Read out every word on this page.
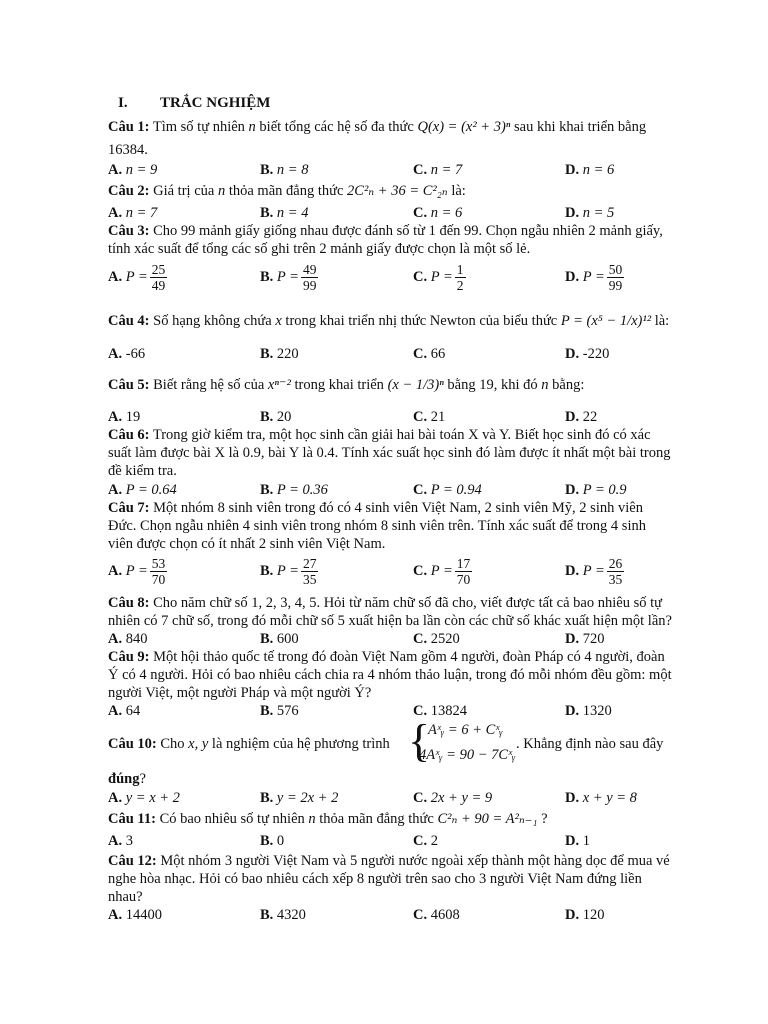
I. TRẮC NGHIỆM
Câu 1: Tìm số tự nhiên n biết tổng các hệ số đa thức Q(x) = (x² + 3)ⁿ sau khi khai triển bằng
16384.
A. n = 9	B. n = 8	C. n = 7	D. n = 6
Câu 2: Giá trị của n thỏa mãn đẳng thức 2C²ₙ + 36 = C²₂ₙ là:
A. n = 7	B. n = 4	C. n = 6	D. n = 5
Câu 3: Cho 99 mảnh giấy giống nhau được đánh số từ 1 đến 99. Chọn ngẫu nhiên 2 mảnh giấy,
tính xác suất để tổng các số ghi trên 2 mảnh giấy được chọn là một số lẻ.
A. $P = \frac{25}{49}$	B. $P = \frac{49}{99}$	C. $P = \frac{1}{2}$	D. $P = \frac{50}{99}$
Câu 4: Số hạng không chứa x trong khai triển nhị thức Newton của biểu thức P = (x⁵ − 1/x)¹² là:
A. -66	B. 220	C. 66	D. -220
Câu 5: Biết rằng hệ số của xⁿ⁻² trong khai triển (x − 1/3)ⁿ bằng 19, khi đó n bằng:
A. 19	B. 20	C. 21	D. 22
Câu 6: Trong giờ kiểm tra, một học sinh cần giải hai bài toán X và Y. Biết học sinh đó có xác
suất làm được bài X là 0.9, bài Y là 0.4. Tính xác suất học sinh đó làm được ít nhất một bài trong
đề kiểm tra.
A. P = 0.64	B. P = 0.36	C. P = 0.94	D. P = 0.9
Câu 7: Một nhóm 8 sinh viên trong đó có 4 sinh viên Việt Nam, 2 sinh viên Mỹ, 2 sinh viên
Đức. Chọn ngẫu nhiên 4 sinh viên trong nhóm 8 sinh viên trên. Tính xác suất để trong 4 sinh
viên được chọn có ít nhất 2 sinh viên Việt Nam.
A. $P = \frac{53}{70}$	B. $P = \frac{27}{35}$	C. $P = \frac{17}{70}$	D. $P = \frac{26}{35}$
Câu 8: Cho năm chữ số 1, 2, 3, 4, 5. Hỏi từ năm chữ số đã cho, viết được tất cả bao nhiêu số tự
nhiên có 7 chữ số, trong đó mỗi chữ số 5 xuất hiện ba lần còn các chữ số khác xuất hiện một lần?
A. 840	B. 600	C. 2520	D. 720
Câu 9: Một hội thảo quốc tế trong đó đoàn Việt Nam gồm 4 người, đoàn Pháp có 4 người, đoàn
Ý có 4 người. Hỏi có bao nhiêu cách chia ra 4 nhóm thảo luận, trong đó mỗi nhóm đều gồm: một
người Việt, một người Pháp và một người Ý?
A. 64	B. 576	C. 13824	D. 1320
Câu 10: Cho x, y là nghiệm của hệ phương trình {
Aˣᵧ = 6 + Cˣᵧ
4Aˣᵧ = 90 − 7Cˣᵧ
. Khẳng định nào sau đây
đúng?
A. y = x + 2	B. y = 2x + 2	C. 2x + y = 9	D. x + y = 8
Câu 11: Có bao nhiêu số tự nhiên n thỏa mãn đẳng thức C²ₙ + 90 = A²ₙ₋₁ ?
A. 3	B. 0	C. 2	D. 1
Câu 12: Một nhóm 3 người Việt Nam và 5 người nước ngoài xếp thành một hàng dọc để mua vé
nghe hòa nhạc. Hỏi có bao nhiêu cách xếp 8 người trên sao cho 3 người Việt Nam đứng liền
nhau?
A. 14400	B. 4320	C. 4608	D. 120
